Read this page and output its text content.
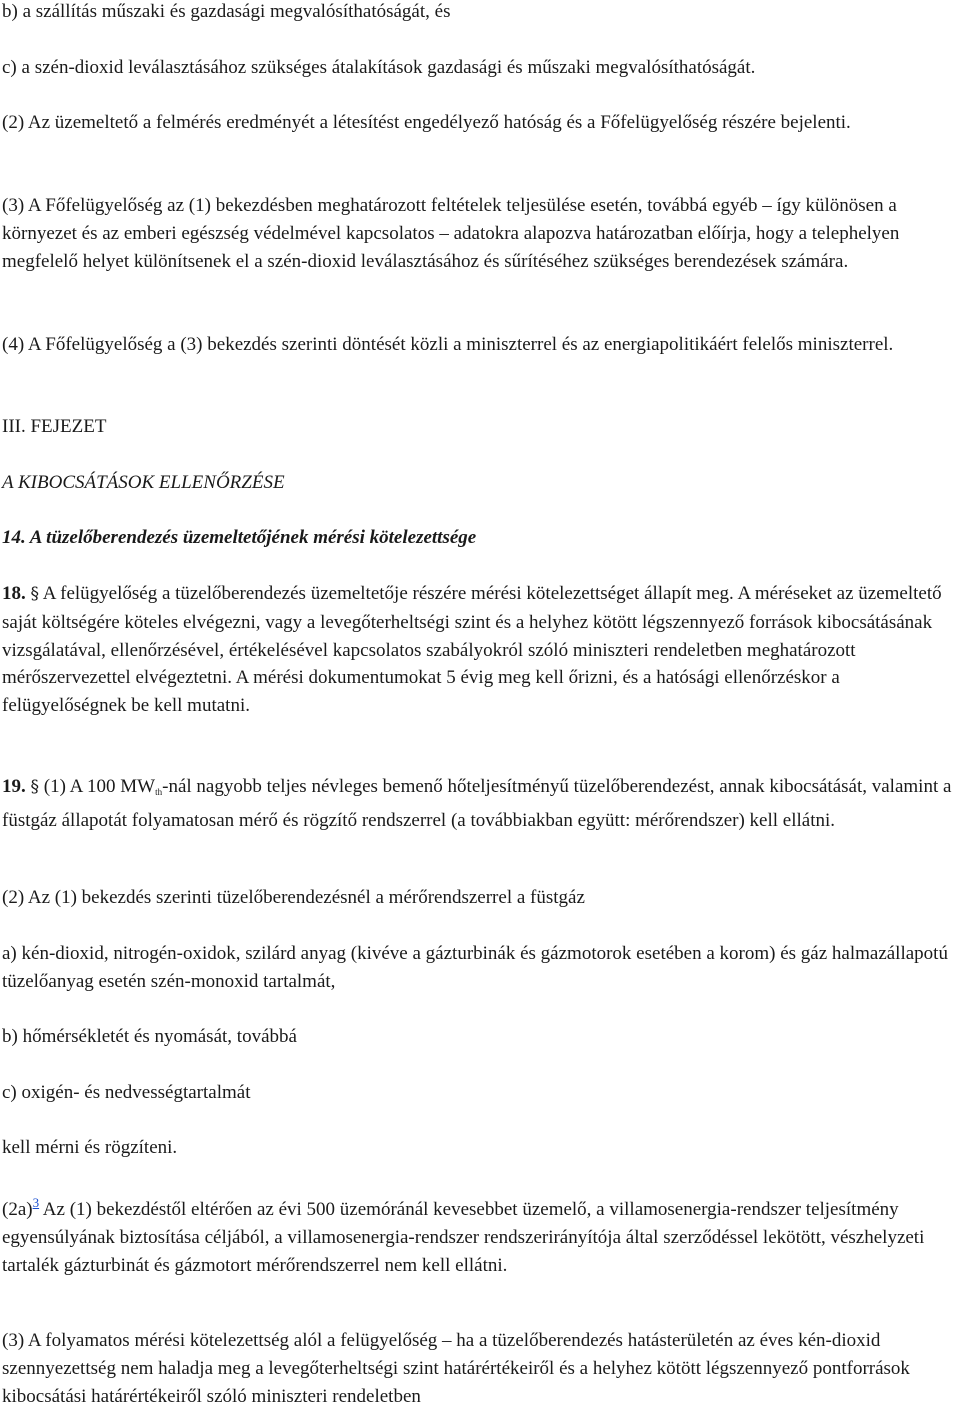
b) a szállítás műszaki és gazdasági megvalósíthatóságát, és

c) a szén-dioxid leválasztásához szükséges átalakítások gazdasági és műszaki megvalósíthatóságát.

(2) Az üzemeltető a felmérés eredményét a létesítést engedélyező hatóság és a Főfelügyelőség részére bejelenti.

(3) A Főfelügyelőség az (1) bekezdésben meghatározott feltételek teljesülése esetén, továbbá egyéb – így különösen a környezet és az emberi egészség védelmével kapcsolatos – adatokra alapozva határozatban előírja, hogy a telephelyen megfelelő helyet különítsenek el a szén-dioxid leválasztásához és sűrítéséhez szükséges berendezések számára.

(4) A Főfelügyelőség a (3) bekezdés szerinti döntését közli a miniszterrel és az energiapolitikáért felelős miniszterrel.

III. FEJEZET

A KIBOCSÁTÁSOK ELLENŐRZÉSE

14. A tüzelőberendezés üzemeltetőjének mérési kötelezettsége

18. § A felügyelőség a tüzelőberendezés üzemeltetője részére mérési kötelezettséget állapít meg. A méréseket az üzemeltető saját költségére köteles elvégezni, vagy a levegőterheltségi szint és a helyhez kötött légszennyező források kibocsátásának vizsgálatával, ellenőrzésével, értékelésével kapcsolatos szabályokról szóló miniszteri rendeletben meghatározott mérőszervezettel elvégeztetni. A mérési dokumentumokat 5 évig meg kell őrizni, és a hatósági ellenőrzéskor a felügyelőségnek be kell mutatni.

19. § (1) A 100 $MW_{th}$-nál nagyobb teljes névleges bemenő hőteljesítményű tüzelőberendezést, annak kibocsátását, valamint a füstgáz állapotát folyamatosan mérő és rögzítő rendszerrel (a továbbiakban együtt: mérőrendszer) kell ellátni.

(2) Az (1) bekezdés szerinti tüzelőberendezésnél a mérőrendszerrel a füstgáz

a) kén-dioxid, nitrogén-oxidok, szilárd anyag (kivéve a gázturbinák és gázmotorok esetében a korom) és gáz halmazállapotú tüzelőanyag esetén szén-monoxid tartalmát,

b) hőmérsékletét és nyomását, továbbá

c) oxigén- és nedvességtartalmát

kell mérni és rögzíteni.

(2a)$^3$ Az (1) bekezdéstől eltérően az évi 500 üzemóránál kevesebbet üzemelő, a villamosenergia-rendszer teljesítmény egyensúlyának biztosítása céljából, a villamosenergia-rendszer rendszerirányítója által szerződéssel lekötött, vészhelyzeti tartalék gázturbinát és gázmotort mérőrendszerrel nem kell ellátni.

(3) A folyamatos mérési kötelezettség alól a felügyelőség – ha a tüzelőberendezés hatásterületén az éves kén-dioxid szennyezettség nem haladja meg a levegőterheltségi szint határértékeiről és a helyhez kötött légszennyező pontforrások kibocsátási határértékeiről szóló miniszteri rendeletben
